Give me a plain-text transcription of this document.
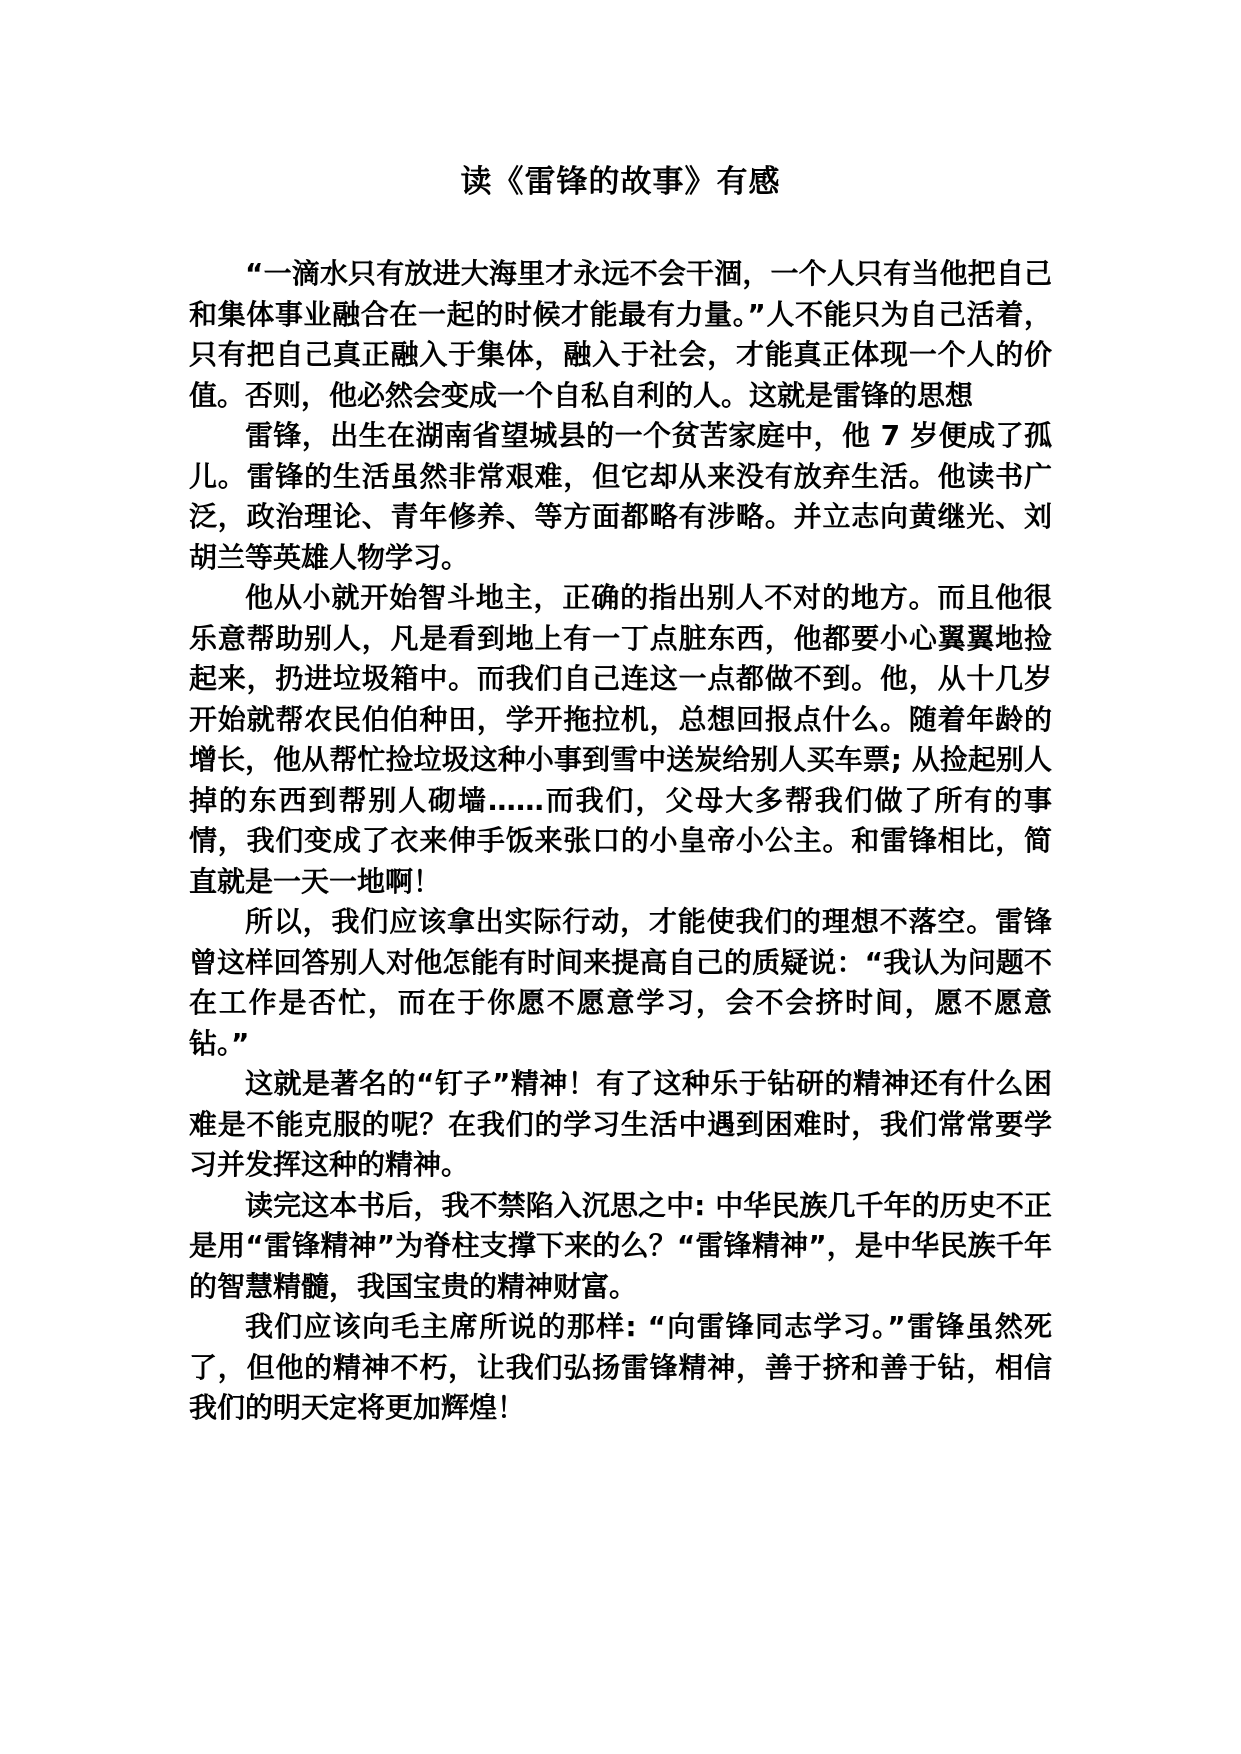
读《雷锋的故事》有感

“一滴水只有放进大海里才永远不会干涸，一个人只有当他把自己和集体事业融合在一起的时候才能最有力量。”人不能只为自己活着，只有把自己真正融入于集体，融入于社会，才能真正体现一个人的价值。否则，他必然会变成一个自私自利的人。这就是雷锋的思想

雷锋，出生在湖南省望城县的一个贫苦家庭中，他 7 岁便成了孤儿。雷锋的生活虽然非常艰难，但它却从来没有放弃生活。他读书广泛，政治理论、青年修养、等方面都略有涉略。并立志向黄继光、刘胡兰等英雄人物学习。

他从小就开始智斗地主，正确的指出别人不对的地方。而且他很乐意帮助别人，凡是看到地上有一丁点脏东西，他都要小心翼翼地捡起来，扔进垃圾箱中。而我们自己连这一点都做不到。他，从十几岁开始就帮农民伯伯种田，学开拖拉机，总想回报点什么。随着年龄的增长，他从帮忙捡垃圾这种小事到雪中送炭给别人买车票; 从捡起别人掉的东西到帮别人砌墙……而我们，父母大多帮我们做了所有的事情，我们变成了衣来伸手饭来张口的小皇帝小公主。和雷锋相比，简直就是一天一地啊！

所以，我们应该拿出实际行动，才能使我们的理想不落空。雷锋曾这样回答别人对他怎能有时间来提高自己的质疑说：“我认为问题不在工作是否忙，而在于你愿不愿意学习，会不会挤时间，愿不愿意钻。”

这就是著名的“钉子”精神！有了这种乐于钻研的精神还有什么困难是不能克服的呢？在我们的学习生活中遇到困难时，我们常常要学习并发挥这种的精神。

读完这本书后，我不禁陷入沉思之中: 中华民族几千年的历史不正是用“雷锋精神”为脊柱支撑下来的么？“雷锋精神”，是中华民族千年的智慧精髓，我国宝贵的精神财富。

我们应该向毛主席所说的那样: “向雷锋同志学习。”雷锋虽然死了，但他的精神不朽，让我们弘扬雷锋精神，善于挤和善于钻，相信我们的明天定将更加辉煌！
